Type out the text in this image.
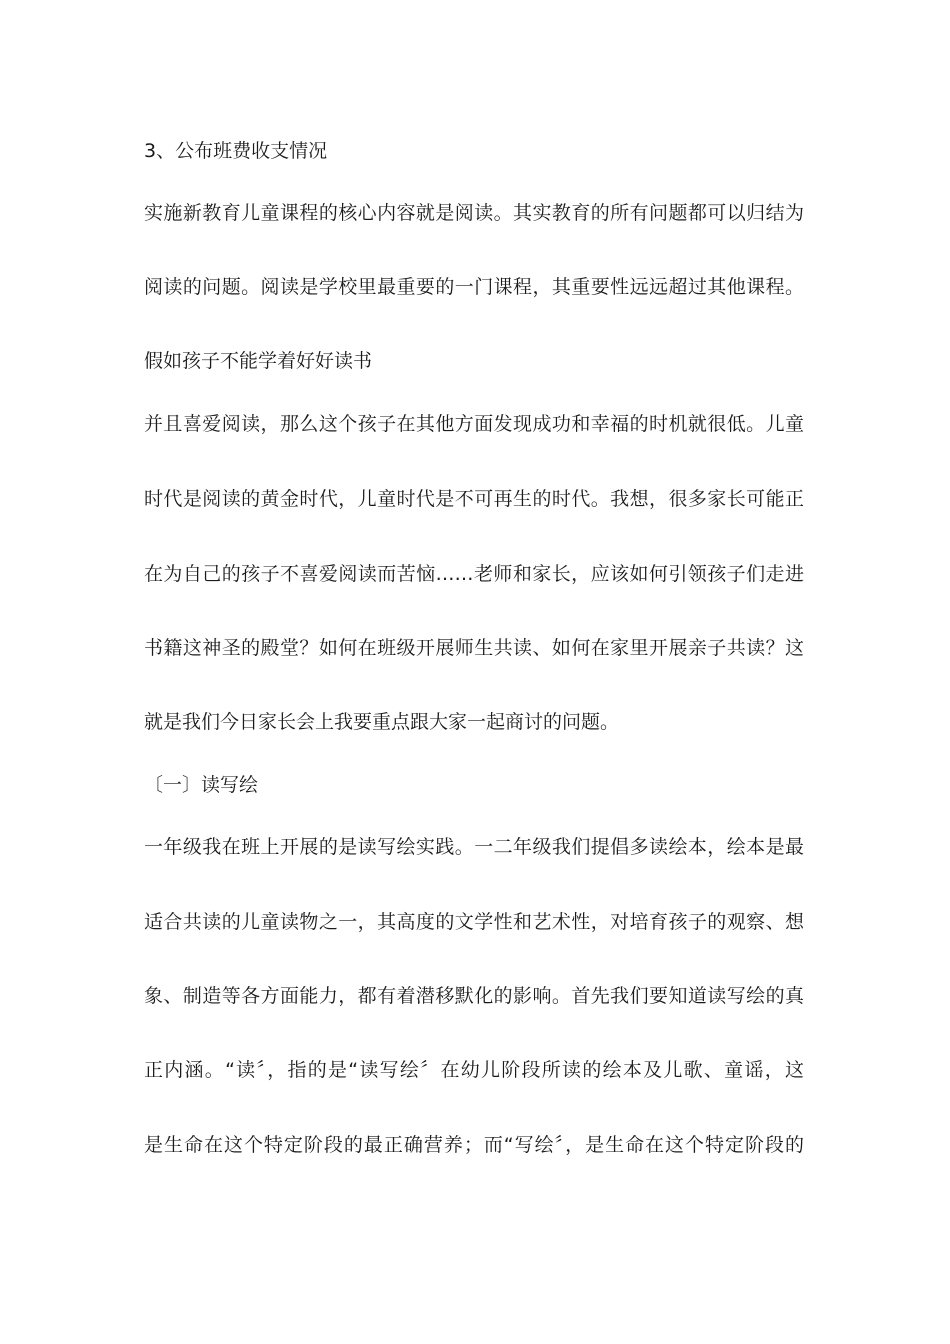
3、公布班费收支情况
实施新教育儿童课程的核心内容就是阅读。其实教育的所有问题都可以归结为
阅读的问题。阅读是学校里最重要的一门课程，其重要性远远超过其他课程。
假如孩子不能学着好好读书
并且喜爱阅读，那么这个孩子在其他方面发现成功和幸福的时机就很低。儿童
时代是阅读的黄金时代，儿童时代是不可再生的时代。我想，很多家长可能正
在为自己的孩子不喜爱阅读而苦恼……老师和家长，应该如何引领孩子们走进
书籍这神圣的殿堂？如何在班级开展师生共读、如何在家里开展亲子共读？这
就是我们今日家长会上我要重点跟大家一起商讨的问题。
〔一〕读写绘
一年级我在班上开展的是读写绘实践。一二年级我们提倡多读绘本，绘本是最
适合共读的儿童读物之一，其高度的文学性和艺术性，对培育孩子的观察、想
象、制造等各方面能力，都有着潜移默化的影响。首先我们要知道读写绘的真
正内涵。“读〞，指的是“读写绘〞在幼儿阶段所读的绘本及儿歌、童谣，这
是生命在这个特定阶段的最正确营养；而“写绘〞，是生命在这个特定阶段的
